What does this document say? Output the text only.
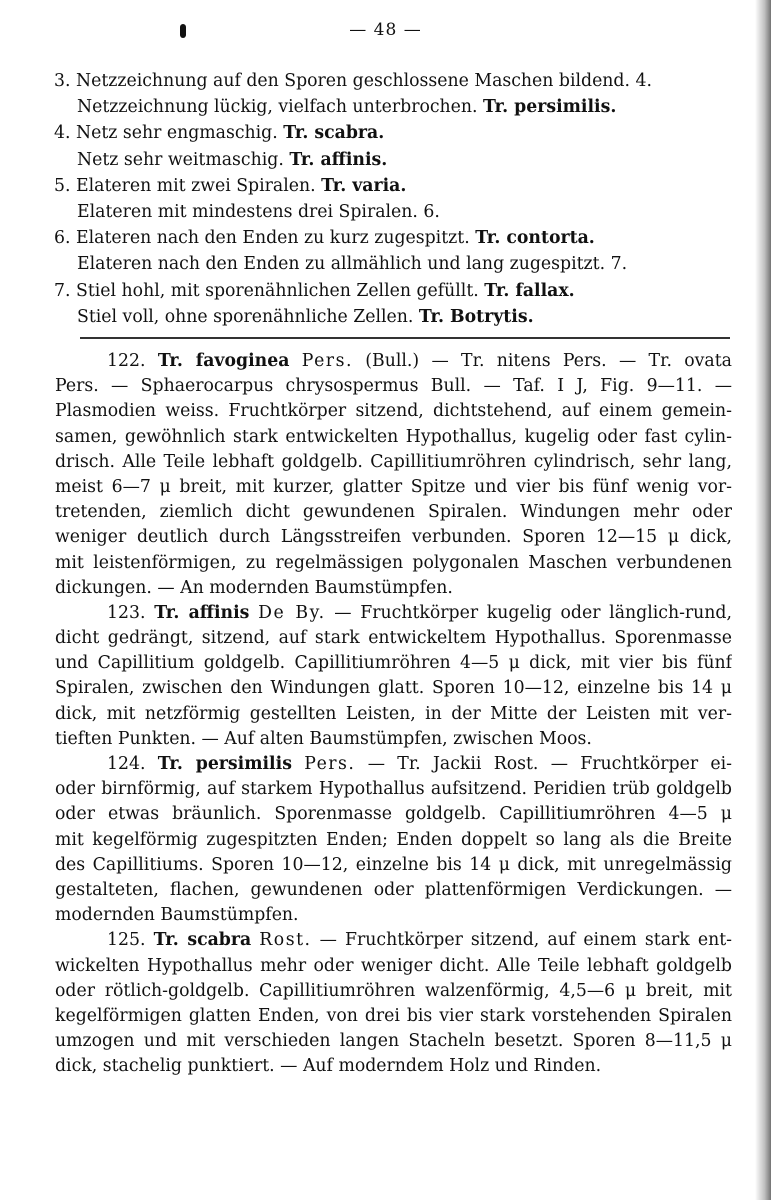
— 48 —
3. Netzzeichnung auf den Sporen geschlossene Maschen bildend. 4.
Netzzeichnung lückig, vielfach unterbrochen. Tr. persimilis.
4. Netz sehr engmaschig. Tr. scabra.
Netz sehr weitmaschig. Tr. affinis.
5. Elateren mit zwei Spiralen. Tr. varia.
Elateren mit mindestens drei Spiralen. 6.
6. Elateren nach den Enden zu kurz zugespitzt. Tr. contorta.
Elateren nach den Enden zu allmählich und lang zugespitzt. 7.
7. Stiel hohl, mit sporenähnlichen Zellen gefüllt. Tr. fallax.
Stiel voll, ohne sporenähnliche Zellen. Tr. Botrytis.
122. Tr. favoginea Pers. (Bull.) — Tr. nitens Pers. — Tr. ovata
Pers. — Sphaerocarpus chrysospermus Bull. — Taf. I J, Fig. 9—11. —
Plasmodien weiss. Fruchtkörper sitzend, dichtstehend, auf einem gemein-
samen, gewöhnlich stark entwickelten Hypothallus, kugelig oder fast cylin-
drisch. Alle Teile lebhaft goldgelb. Capillitiumröhren cylindrisch, sehr lang,
meist 6—7 μ breit, mit kurzer, glatter Spitze und vier bis fünf wenig vor-
tretenden, ziemlich dicht gewundenen Spiralen. Windungen mehr oder
weniger deutlich durch Längsstreifen verbunden. Sporen 12—15 μ dick,
mit leistenförmigen, zu regelmässigen polygonalen Maschen verbundenen
dickungen. — An modernden Baumstümpfen.
123. Tr. affinis De By. — Fruchtkörper kugelig oder länglich-rund,
dicht gedrängt, sitzend, auf stark entwickeltem Hypothallus. Sporenmasse
und Capillitium goldgelb. Capillitiumröhren 4—5 μ dick, mit vier bis fünf
Spiralen, zwischen den Windungen glatt. Sporen 10—12, einzelne bis 14 μ
dick, mit netzförmig gestellten Leisten, in der Mitte der Leisten mit ver-
tieften Punkten. — Auf alten Baumstümpfen, zwischen Moos.
124. Tr. persimilis Pers. — Tr. Jackii Rost. — Fruchtkörper ei-
oder birnförmig, auf starkem Hypothallus aufsitzend. Peridien trüb goldgelb
oder etwas bräunlich. Sporenmasse goldgelb. Capillitiumröhren 4—5 μ
mit kegelförmig zugespitzten Enden; Enden doppelt so lang als die Breite
des Capillitiums. Sporen 10—12, einzelne bis 14 μ dick, mit unregelmässig
gestalteten, flachen, gewundenen oder plattenförmigen Verdickungen. —
modernden Baumstümpfen.
125. Tr. scabra Rost. — Fruchtkörper sitzend, auf einem stark ent-
wickelten Hypothallus mehr oder weniger dicht. Alle Teile lebhaft goldgelb
oder rötlich-goldgelb. Capillitiumröhren walzenförmig, 4,5—6 μ breit, mit
kegelförmigen glatten Enden, von drei bis vier stark vorstehenden Spiralen
umzogen und mit verschieden langen Stacheln besetzt. Sporen 8—11,5 μ
dick, stachelig punktiert. — Auf moderndem Holz und Rinden.
